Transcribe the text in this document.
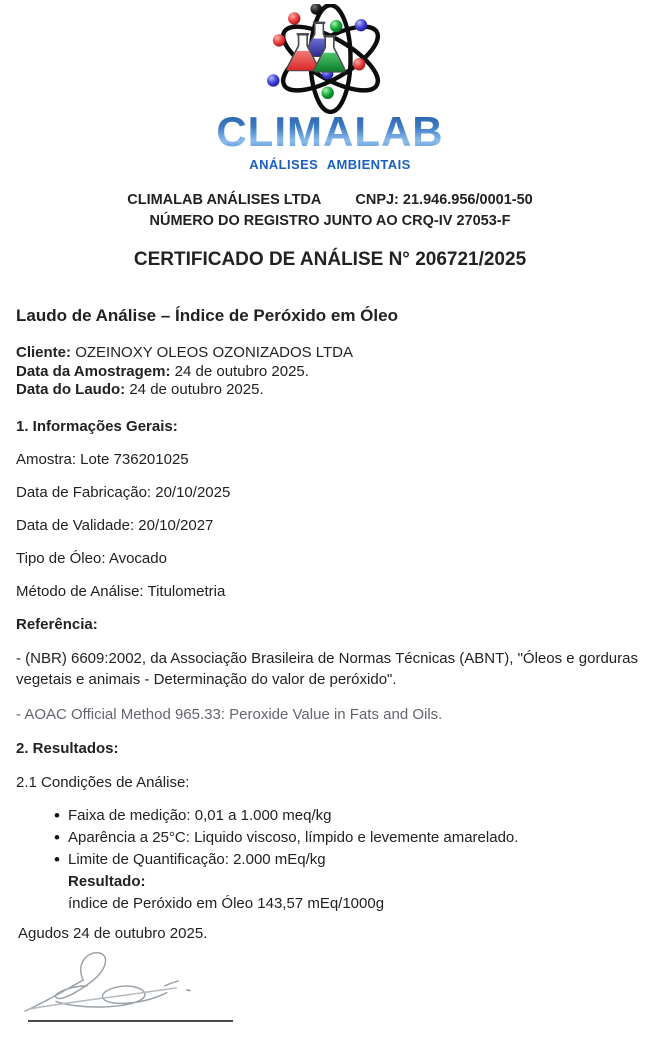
CLIMALAB
ANÁLISES AMBIENTAIS
CLIMALAB ANÁLISES LTDA CNPJ: 21.946.956/0001-50
NÚMERO DO REGISTRO JUNTO AO CRQ-IV 27053-F
CERTIFICADO DE ANÁLISE N° 206721/2025
Laudo de Análise – Índice de Peróxido em Óleo
Cliente: OZEINOXY OLEOS OZONIZADOS LTDA
Data da Amostragem: 24 de outubro 2025.
Data do Laudo: 24 de outubro 2025.
1. Informações Gerais:
Amostra: Lote 736201025
Data de Fabricação: 20/10/2025
Data de Validade: 20/10/2027
Tipo de Óleo: Avocado
Método de Análise: Titulometria
Referência:
- (NBR) 6609:2002, da Associação Brasileira de Normas Técnicas (ABNT), "Óleos e gorduras vegetais e animais - Determinação do valor de peróxido".
- AOAC Official Method 965.33: Peroxide Value in Fats and Oils.
2. Resultados:
2.1 Condições de Análise:
• Faixa de medição: 0,01 a 1.000 meq/kg
• Aparência a 25°C: Liquido viscoso, límpido e levemente amarelado.
• Limite de Quantificação: 2.000 mEq/kg
Resultado:
índice de Peróxido em Óleo 143,57 mEq/1000g
Agudos 24 de outubro 2025.
